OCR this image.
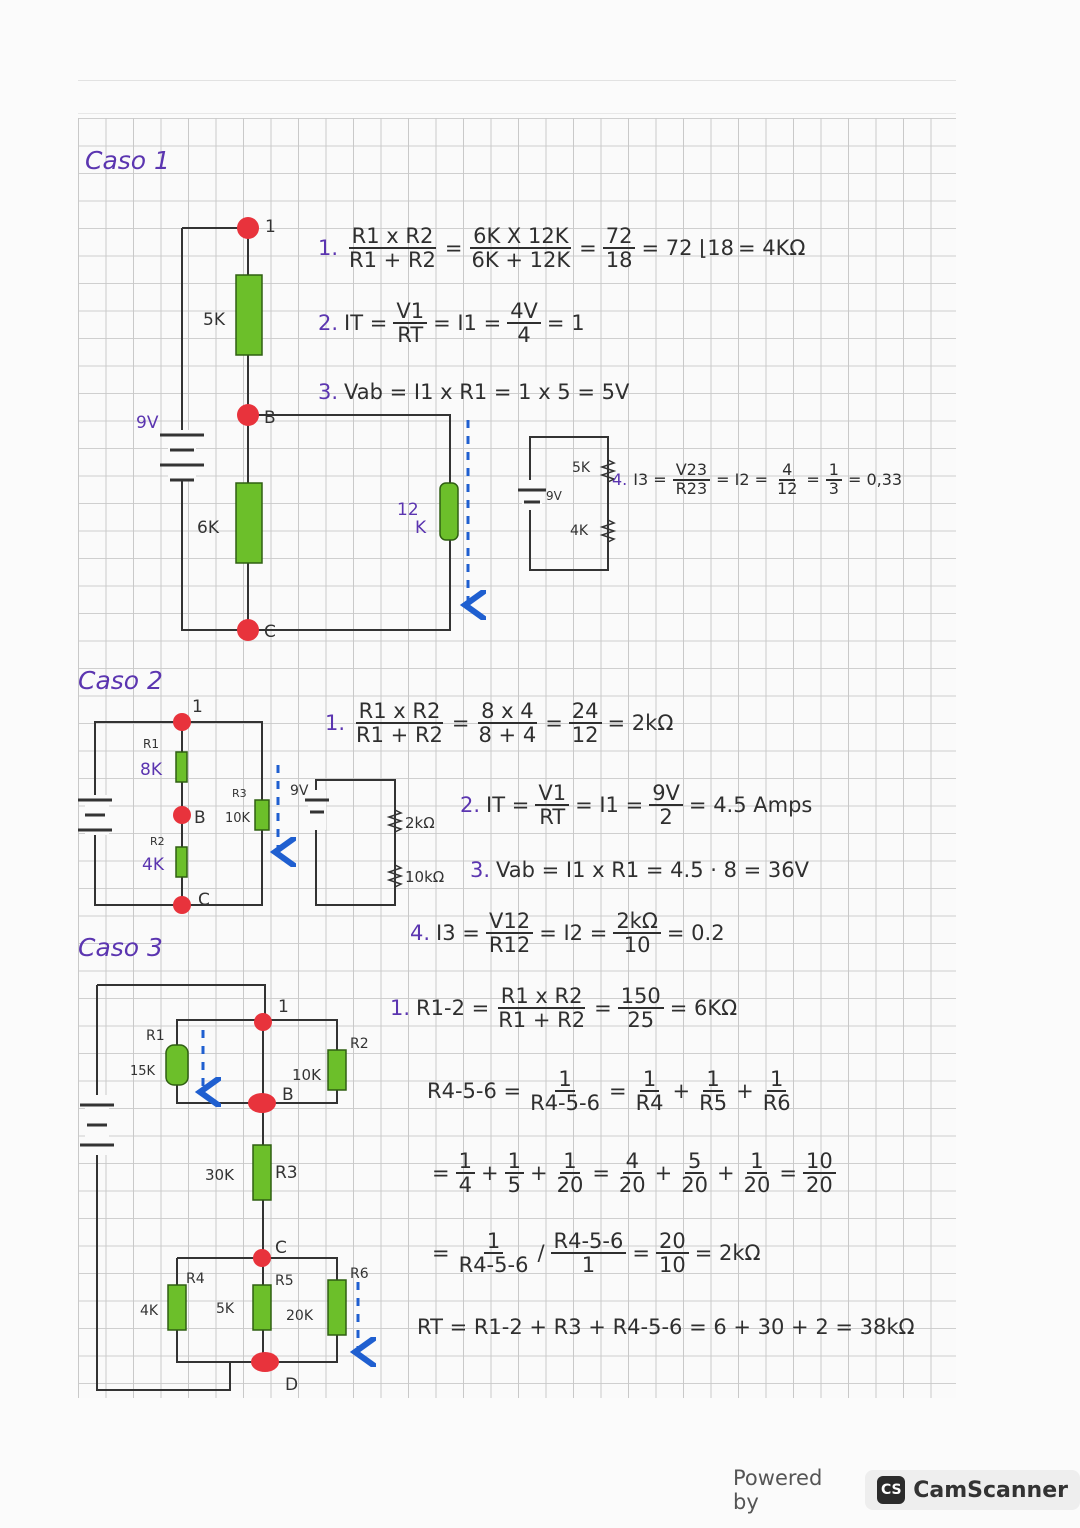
1
5K
B
9V
6K
12
K
C
5K
9V
4K
1
R1
8K
B 10K
R3
R2
4K
C
9V
2kΩ
10kΩ
1
R1
15K
R2
10K
B
30K R3
C
R4
4K
R5
5K
R6
20K
D
Caso 1
Caso 2
Caso 3
1. $\frac{\text{R1 x R2}}{R1 + R2} = \frac{\text{6K X 12K}}{6K + 12K} = \frac{72}{18} = 72$ ⌊18 = 4KΩ
2. IT = $\frac{V1}{RT} = I1 = \frac{4V}{4} = 1$
3. Vab = I1 x R1 = 1 x 5 = 5V
4. $I3 = \frac{V23}{R23} = I2 = \frac{4}{12} = \frac{1}{3} = 0,33$
1. $\frac{\text{R1 x R2}}{R1 + R2} = \frac{8 x 4}{8 + 4} = \frac{24}{12} = 2k\Omega$
2. IT = $\frac{V1}{RT} = I1 = \frac{9V}{2} = 4.5$ Amps
3. Vab = I1 x R1 = 4.5 · 8 = 36V
4. $I3 = \frac{V12}{R12} = I2 = \frac{2k\Omega}{10} = 0.2$
1. $R1-2 = \frac{\text{R1 x R2}}{R1 + R2} = \frac{150}{25} = 6K\Omega$
$R4-5-6 = \frac{1}{R4-5-6} = \frac{1}{R4} + \frac{1}{R5} + \frac{1}{R6}$
= $\frac{1}{4} + \frac{1}{5} + \frac{1}{20} = \frac{4}{20} + \frac{5}{20} + \frac{1}{20} = \frac{10}{20}$
= $\frac{1}{R4-5-6} / \frac{R4-5-6}{1} = \frac{20}{10} = 2k\Omega$
RT = R1-2 + R3 + R4-5-6 = 6 + 30 + 2 = 38kΩ
Powered by	CS CamScanner
